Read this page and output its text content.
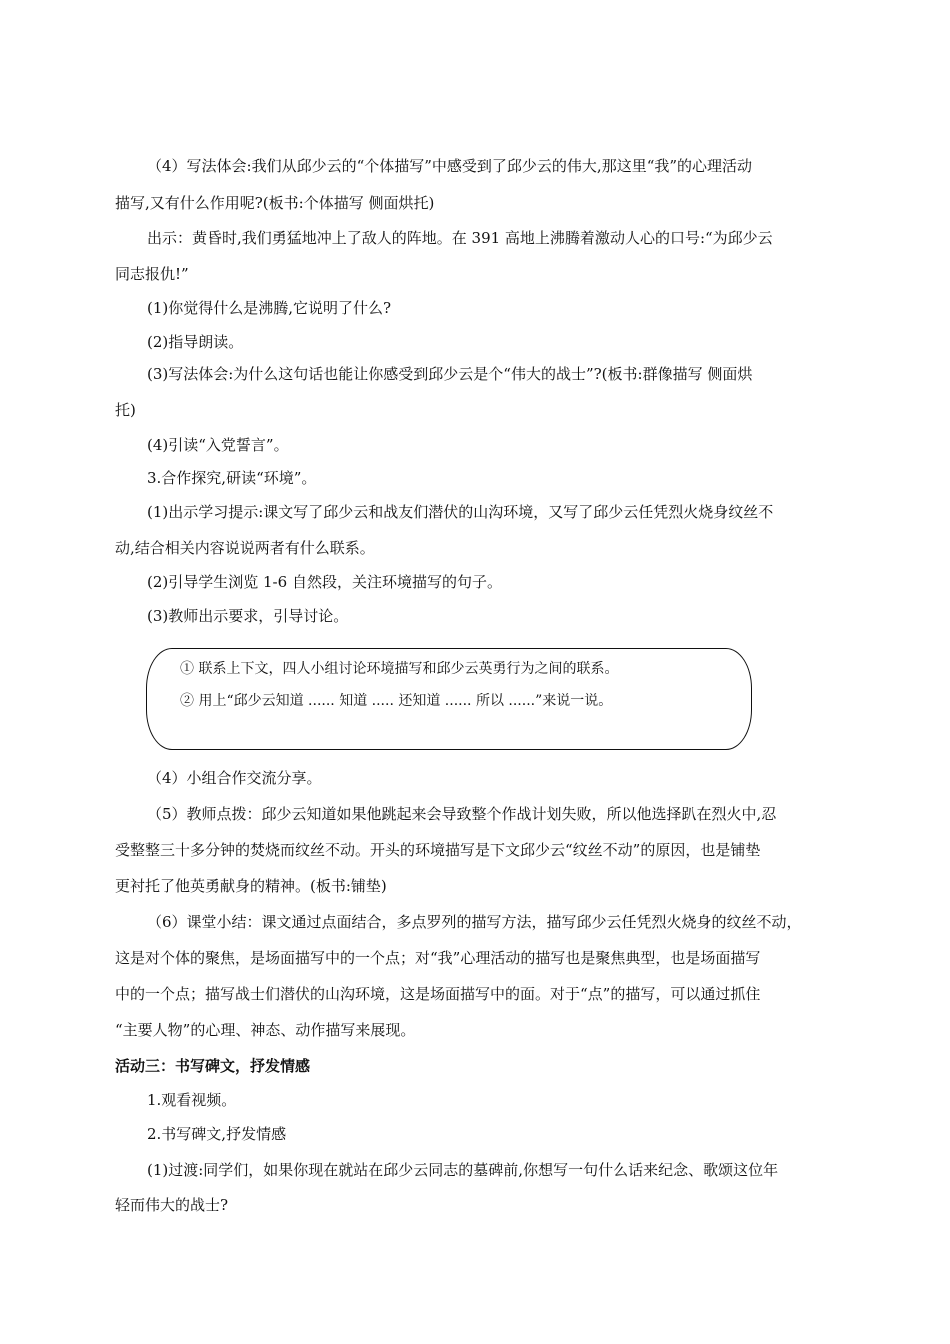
（4）写法体会:我们从邱少云的“个体描写”中感受到了邱少云的伟大,那这里“我”的心理活动
描写,又有什么作用呢?(板书:个体描写 侧面烘托)
出示：黄昏时,我们勇猛地冲上了敌人的阵地。在 391 高地上沸腾着激动人心的口号:“为邱少云
同志报仇!”
(1)你觉得什么是沸腾,它说明了什么?
(2)指导朗读。
(3)写法体会:为什么这句话也能让你感受到邱少云是个“伟大的战士”?(板书:群像描写 侧面烘
托)
(4)引读“入党誓言”。
3.合作探究,研读“环境”。
(1)出示学习提示:课文写了邱少云和战友们潜伏的山沟环境，又写了邱少云任凭烈火烧身纹丝不
动,结合相关内容说说两者有什么联系。
(2)引导学生浏览 1-6 自然段，关注环境描写的句子。
(3)教师出示要求，引导讨论。
① 联系上下文，四人小组讨论环境描写和邱少云英勇行为之间的联系。
② 用上“邱少云知道 ...... 知道 ..... 还知道 ...... 所以 ......”来说一说。
（4）小组合作交流分享。
（5）教师点拨：邱少云知道如果他跳起来会导致整个作战计划失败，所以他选择趴在烈火中,忍
受整整三十多分钟的焚烧而纹丝不动。开头的环境描写是下文邱少云“纹丝不动”的原因，也是铺垫
更衬托了他英勇献身的精神。(板书:铺垫)
（6）课堂小结：课文通过点面结合，多点罗列的描写方法，描写邱少云任凭烈火烧身的纹丝不动，
这是对个体的聚焦，是场面描写中的一个点；对“我”心理活动的描写也是聚焦典型，也是场面描写
中的一个点；描写战士们潜伏的山沟环境，这是场面描写中的面。对于“点”的描写，可以通过抓住
“主要人物”的心理、神态、动作描写来展现。
活动三：书写碑文，抒发情感
1.观看视频。
2.书写碑文,抒发情感
(1)过渡:同学们，如果你现在就站在邱少云同志的墓碑前,你想写一句什么话来纪念、歌颂这位年
轻而伟大的战士?
